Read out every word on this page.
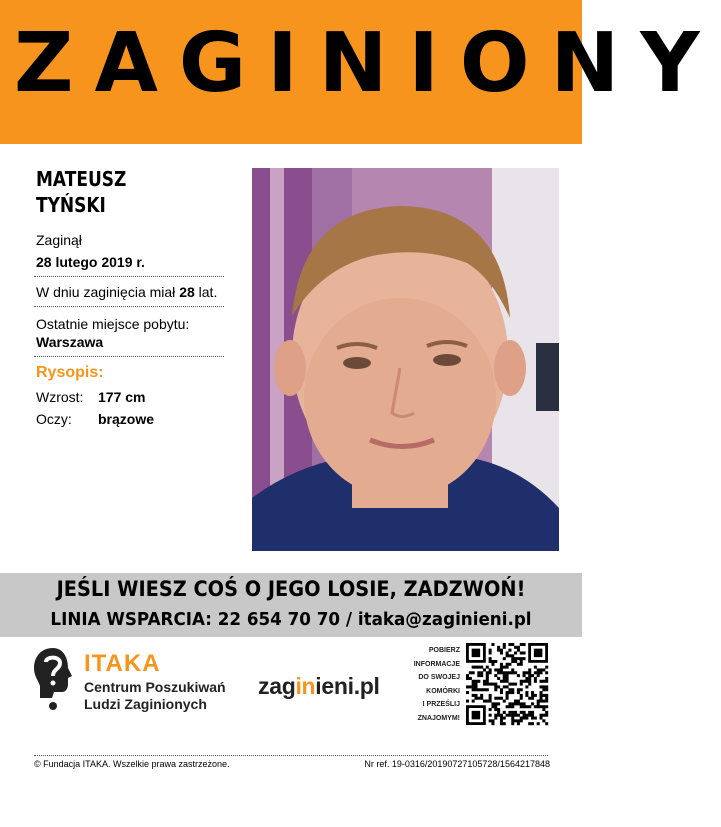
ZAGINIONY
MATEUSZ
TYŃSKI
Zaginął
28 lutego 2019 r.
W dniu zaginięcia miał 28 lat.
Ostatnie miejsce pobytu:
Warszawa
Rysopis:
Wzrost: 177 cm
Oczy: brązowe
JEŚLI WIESZ COŚ O JEGO LOSIE, ZADZWOŃ!
LINIA WSPARCIA: 22 654 70 70 / itaka@zaginieni.pl
ITAKA
Centrum Poszukiwań
Ludzi Zaginionych
zaginieni.pl
POBIERZ
INFORMACJE
DO SWOJEJ
KOMÓRKI
I PRZEŚLIJ
ZNAJOMYM!
© Fundacja ITAKA. Wszelkie prawa zastrzeżone.	Nr ref. 19-0316/20190727105728/1564217848
